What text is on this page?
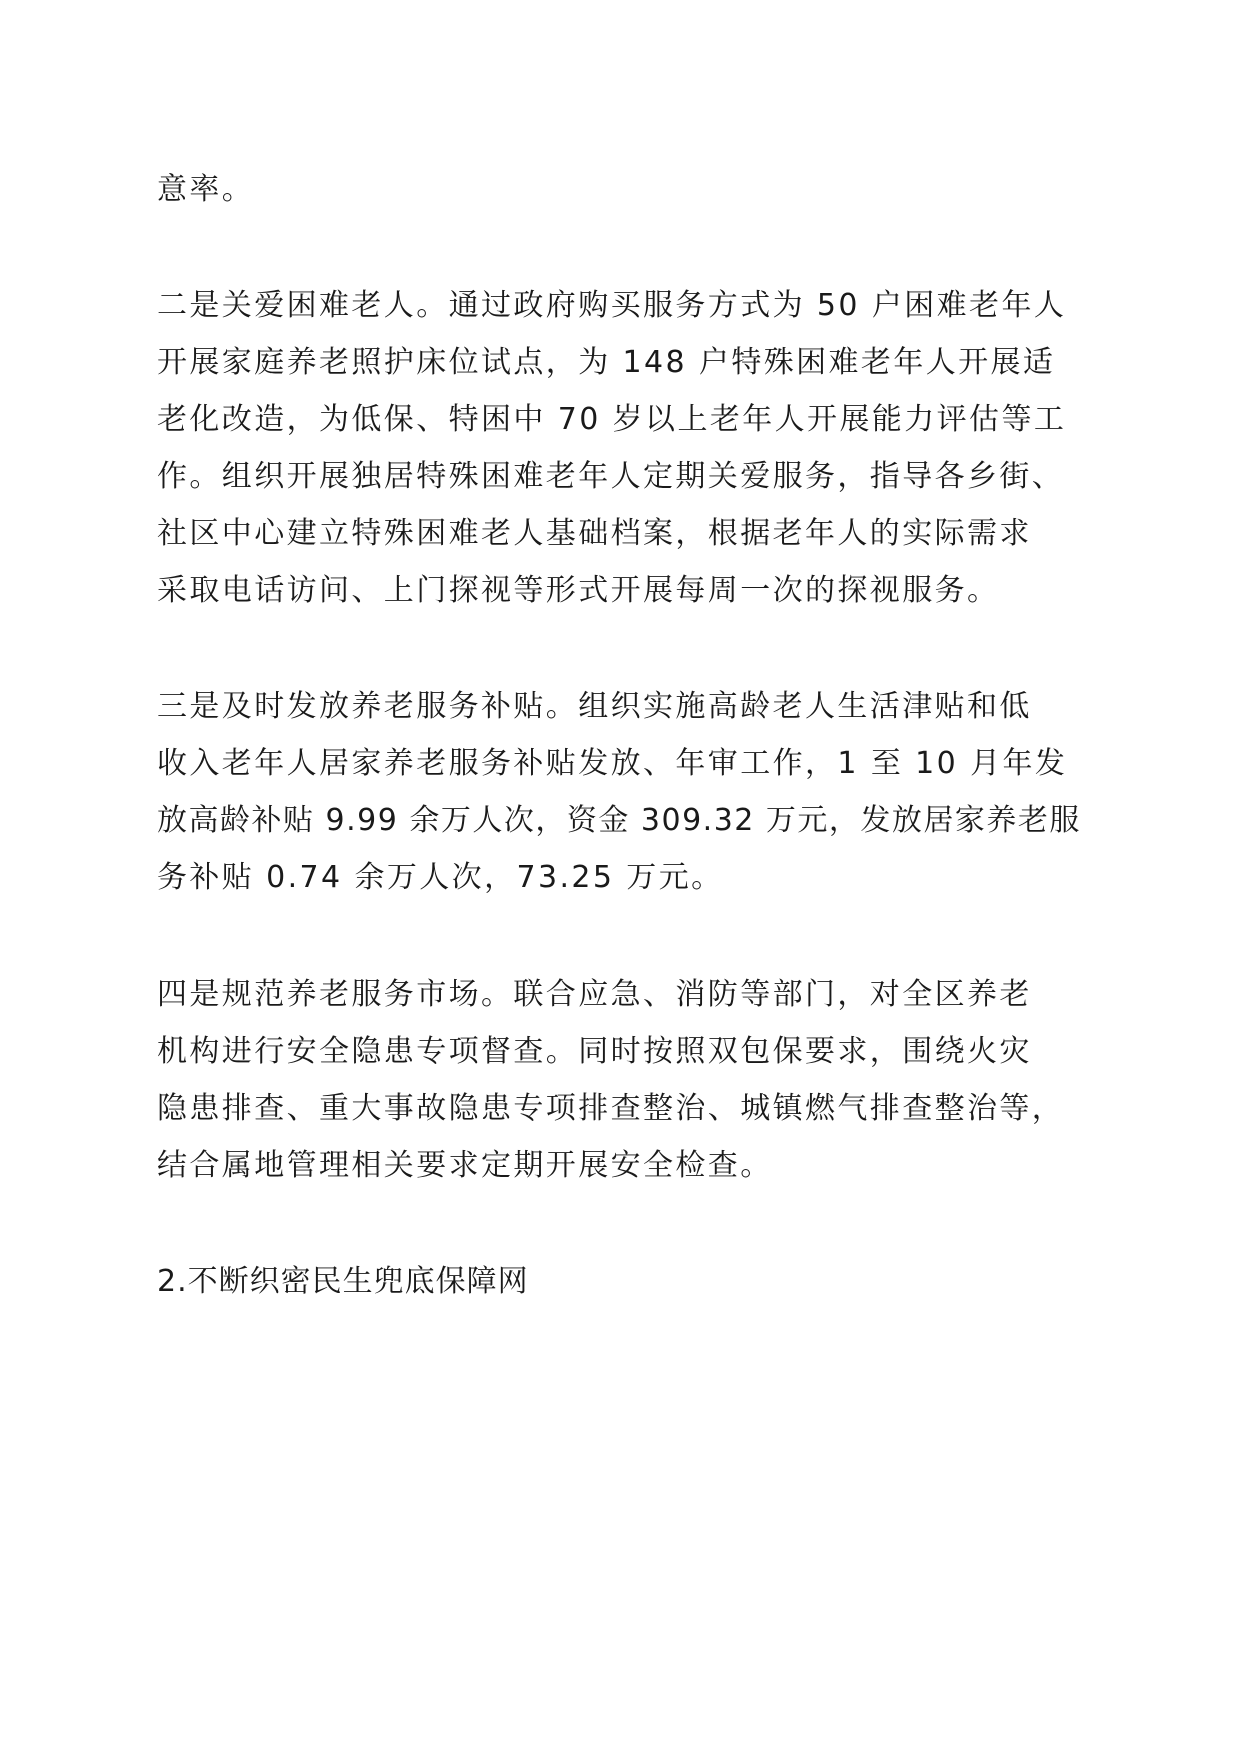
意率。

二是关爱困难老人。通过政府购买服务方式为 50 户困难老年人

开展家庭养老照护床位试点，为 148 户特殊困难老年人开展适

老化改造，为低保、特困中 70 岁以上老年人开展能力评估等工

作。组织开展独居特殊困难老年人定期关爱服务，指导各乡街、

社区中心建立特殊困难老人基础档案，根据老年人的实际需求

采取电话访问、上门探视等形式开展每周一次的探视服务。

三是及时发放养老服务补贴。组织实施高龄老人生活津贴和低

收入老年人居家养老服务补贴发放、年审工作，1 至 10 月年发

放高龄补贴 9.99 余万人次，资金 309.32 万元，发放居家养老服

务补贴 0.74 余万人次，73.25 万元。

四是规范养老服务市场。联合应急、消防等部门，对全区养老

机构进行安全隐患专项督查。同时按照双包保要求，围绕火灾

隐患排查、重大事故隐患专项排查整治、城镇燃气排查整治等，

结合属地管理相关要求定期开展安全检查。

2.不断织密民生兜底保障网
